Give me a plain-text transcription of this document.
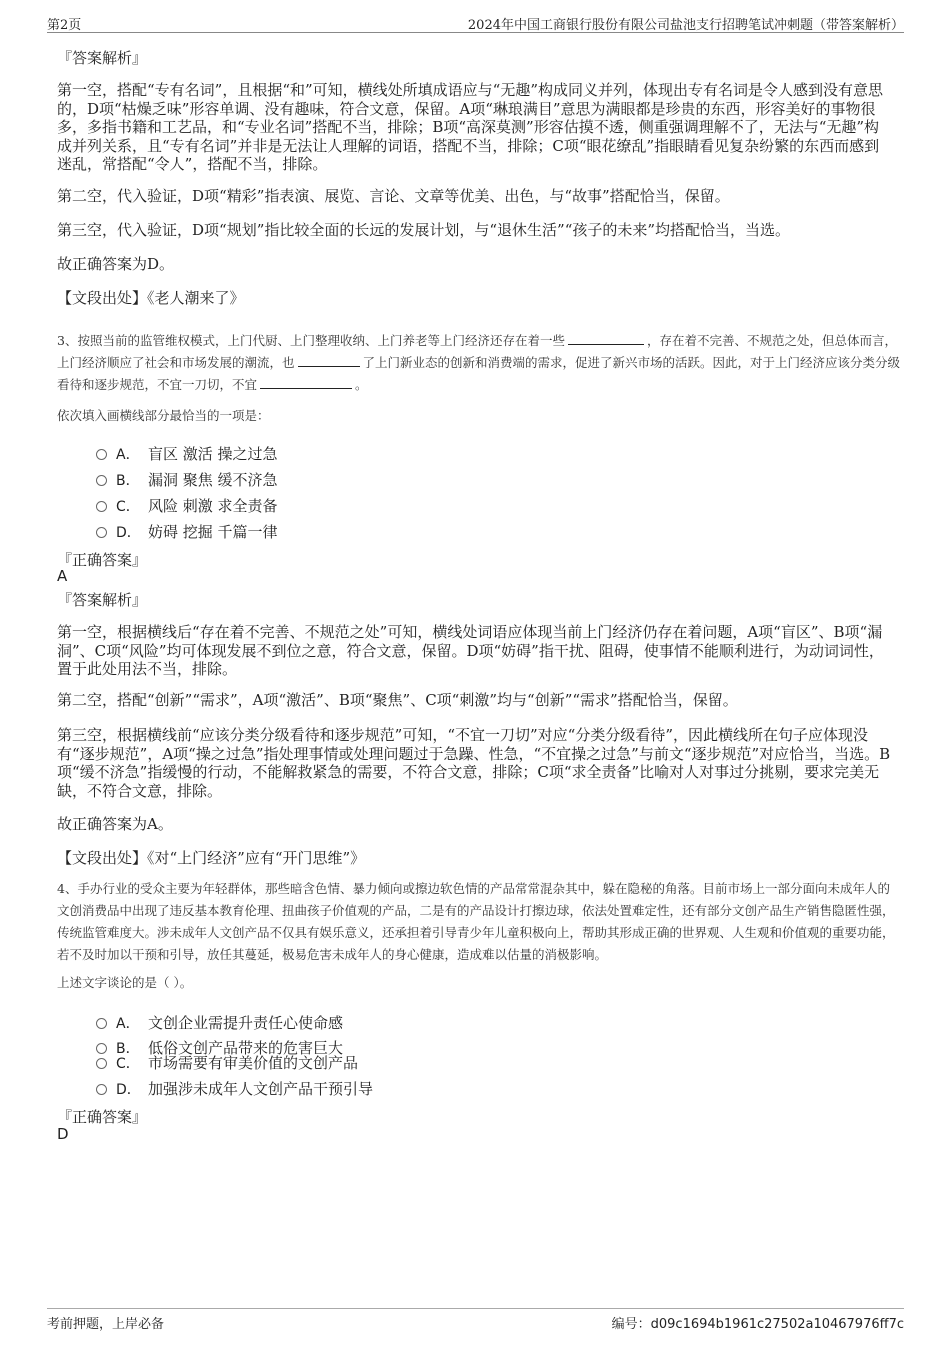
第2页	2024年中国工商银行股份有限公司盐池支行招聘笔试冲刺题（带答案解析）
『答案解析』
第一空，搭配“专有名词”，且根据“和”可知，横线处所填成语应与“无趣”构成同义并列，体现出专有名词是令人感到没有意思的，D项“枯燥乏味”形容单调、没有趣味，符合文意，保留。A项“琳琅满目”意思为满眼都是珍贵的东西，形容美好的事物很多，多指书籍和工艺品，和“专业名词”搭配不当，排除；B项“高深莫测”形容估摸不透，侧重强调理解不了，无法与“无趣”构成并列关系，且“专有名词”并非是无法让人理解的词语，搭配不当，排除；C项“眼花缭乱”指眼睛看见复杂纷繁的东西而感到迷乱，常搭配“令人”，搭配不当，排除。
第二空，代入验证，D项“精彩”指表演、展览、言论、文章等优美、出色，与“故事”搭配恰当，保留。
第三空，代入验证，D项“规划”指比较全面的长远的发展计划，与“退休生活”“孩子的未来”均搭配恰当，当选。
故正确答案为D。
【文段出处】《老人潮来了》
3、按照当前的监管维权模式，上门代厨、上门整理收纳、上门养老等上门经济还存在着一些	，存在着不完善、不规范之处，但总体而言，上门经济顺应了社会和市场发展的潮流，也	了上门新业态的创新和消费端的需求，促进了新兴市场的活跃。因此，对于上门经济应该分类分级看待和逐步规范，不宜一刀切，不宜	。
依次填入画横线部分最恰当的一项是：
A． 盲区 激活 操之过急
B． 漏洞 聚焦 缓不济急
C． 风险 刺激 求全责备
D． 妨碍 挖掘 千篇一律
『正确答案』
A
『答案解析』
第一空，根据横线后“存在着不完善、不规范之处”可知，横线处词语应体现当前上门经济仍存在着问题，A项“盲区”、B项“漏洞”、C项“风险”均可体现发展不到位之意，符合文意，保留。D项“妨碍”指干扰、阻碍，使事情不能顺利进行，为动词词性，置于此处用法不当，排除。
第二空，搭配“创新”“需求”，A项“激活”、B项“聚焦”、C项“刺激”均与“创新”“需求”搭配恰当，保留。
第三空，根据横线前“应该分类分级看待和逐步规范”可知，“不宜一刀切”对应“分类分级看待”，因此横线所在句子应体现没有“逐步规范”，A项“操之过急”指处理事情或处理问题过于急躁、性急，“不宜操之过急”与前文“逐步规范”对应恰当，当选。B项“缓不济急”指缓慢的行动，不能解救紧急的需要，不符合文意，排除；C项“求全责备”比喻对人对事过分挑剔，要求完美无缺，不符合文意，排除。
故正确答案为A。
【文段出处】《对“上门经济”应有“开门思维”》
4、手办行业的受众主要为年轻群体，那些暗含色情、暴力倾向或擦边软色情的产品常常混杂其中，躲在隐秘的角落。目前市场上一部分面向未成年人的文创消费品中出现了违反基本教育伦理、扭曲孩子价值观的产品，二是有的产品设计打擦边球，依法处置难定性，还有部分文创产品生产销售隐匿性强，传统监管难度大。涉未成年人文创产品不仅具有娱乐意义，还承担着引导青少年儿童积极向上，帮助其形成正确的世界观、人生观和价值观的重要功能，若不及时加以干预和引导，放任其蔓延，极易危害未成年人的身心健康，造成难以估量的消极影响。
上述文字谈论的是（ ）。
A． 文创企业需提升责任心使命感
B． 低俗文创产品带来的危害巨大
C． 市场需要有审美价值的文创产品
D． 加强涉未成年人文创产品干预引导
『正确答案』
D
考前押题，上岸必备	编号：d09c1694b1961c27502a10467976ff7c
